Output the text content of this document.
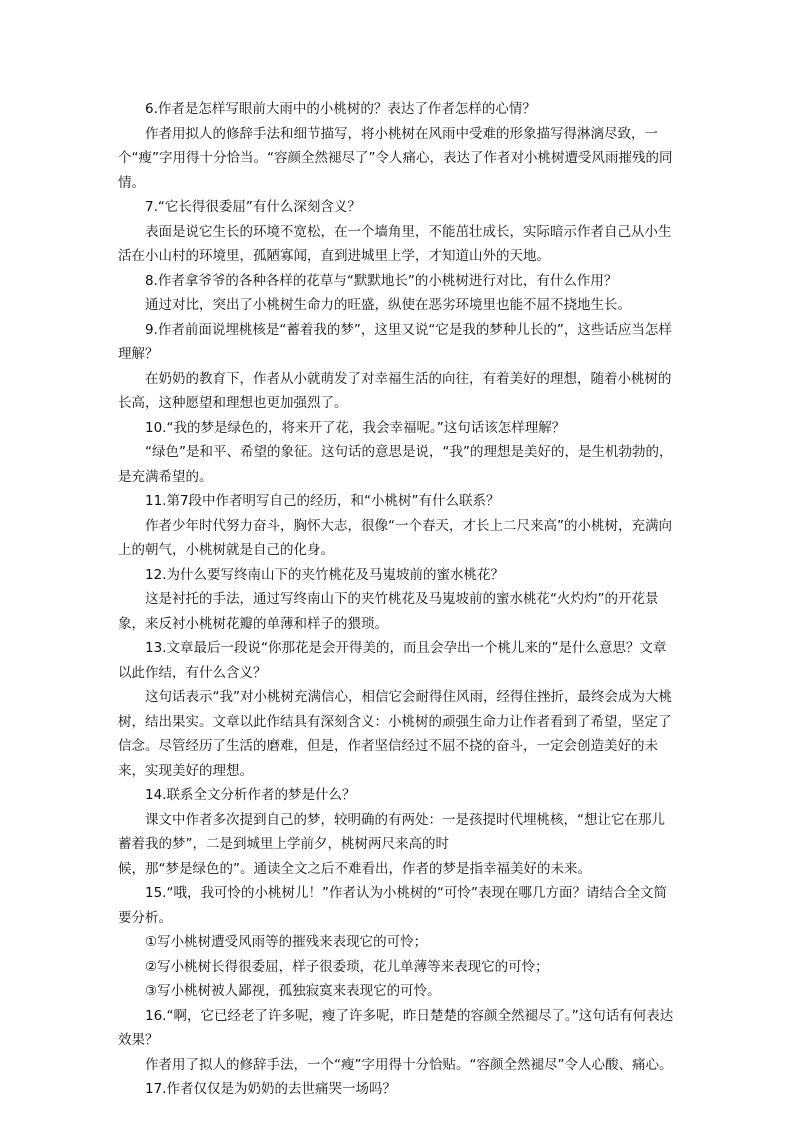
6.作者是怎样写眼前大雨中的小桃树的？表达了作者怎样的心情？

作者用拟人的修辞手法和细节描写，将小桃树在风雨中受难的形象描写得淋漓尽致，一个“瘦”字用得十分恰当。“容颜全然褪尽了”令人痛心，表达了作者对小桃树遭受风雨摧残的同情。

7.“它长得很委屈”有什么深刻含义？

表面是说它生长的环境不宽松，在一个墙角里，不能茁壮成长，实际暗示作者自己从小生活在小山村的环境里，孤陋寡闻，直到进城里上学，才知道山外的天地。

8.作者拿爷爷的各种各样的花草与“默默地长”的小桃树进行对比，有什么作用？

通过对比，突出了小桃树生命力的旺盛，纵使在恶劣环境里也能不屈不挠地生长。

9.作者前面说埋桃核是“蓄着我的梦”，这里又说“它是我的梦种儿长的”，这些话应当怎样理解？

在奶奶的教育下，作者从小就萌发了对幸福生活的向往，有着美好的理想，随着小桃树的长高，这种愿望和理想也更加强烈了。

10.“我的梦是绿色的，将来开了花，我会幸福呢。”这句话该怎样理解？

“绿色”是和平、希望的象征。这句话的意思是说，“我”的理想是美好的，是生机勃勃的，是充满希望的。

11.第7段中作者明写自己的经历，和“小桃树”有什么联系？

作者少年时代努力奋斗，胸怀大志，很像“一个春天，才长上二尺来高”的小桃树，充满向上的朝气，小桃树就是自己的化身。

12.为什么要写终南山下的夹竹桃花及马嵬坡前的蜜水桃花？

这是衬托的手法，通过写终南山下的夹竹桃花及马嵬坡前的蜜水桃花“火灼灼”的开花景象，来反衬小桃树花瓣的单薄和样子的猥琐。

13.文章最后一段说“你那花是会开得美的，而且会孕出一个桃儿来的”是什么意思？文章以此作结，有什么含义？

这句话表示“我”对小桃树充满信心，相信它会耐得住风雨，经得住挫折，最终会成为大桃树，结出果实。文章以此作结具有深刻含义：小桃树的顽强生命力让作者看到了希望，坚定了信念。尽管经历了生活的磨难，但是，作者坚信经过不屈不挠的奋斗，一定会创造美好的未来，实现美好的理想。

14.联系全文分析作者的梦是什么？

课文中作者多次提到自己的梦，较明确的有两处：一是孩提时代埋桃核，“想让它在那儿蓄着我的梦”，二是到城里上学前夕，桃树两尺来高的时

候，那“梦是绿色的”。通读全文之后不难看出，作者的梦是指幸福美好的未来。

15.“哦，我可怜的小桃树儿！”作者认为小桃树的“可怜”表现在哪几方面？请结合全文简要分析。

①写小桃树遭受风雨等的摧残来表现它的可怜；

②写小桃树长得很委屈，样子很委琐，花儿单薄等来表现它的可怜；

③写小桃树被人鄙视，孤独寂寞来表现它的可怜。

16.“啊，它已经老了许多呢，瘦了许多呢，昨日楚楚的容颜全然褪尽了。”这句话有何表达效果？

作者用了拟人的修辞手法，一个“瘦”字用得十分恰贴。“容颜全然褪尽”令人心酸、痛心。

17.作者仅仅是为奶奶的去世痛哭一场吗？
